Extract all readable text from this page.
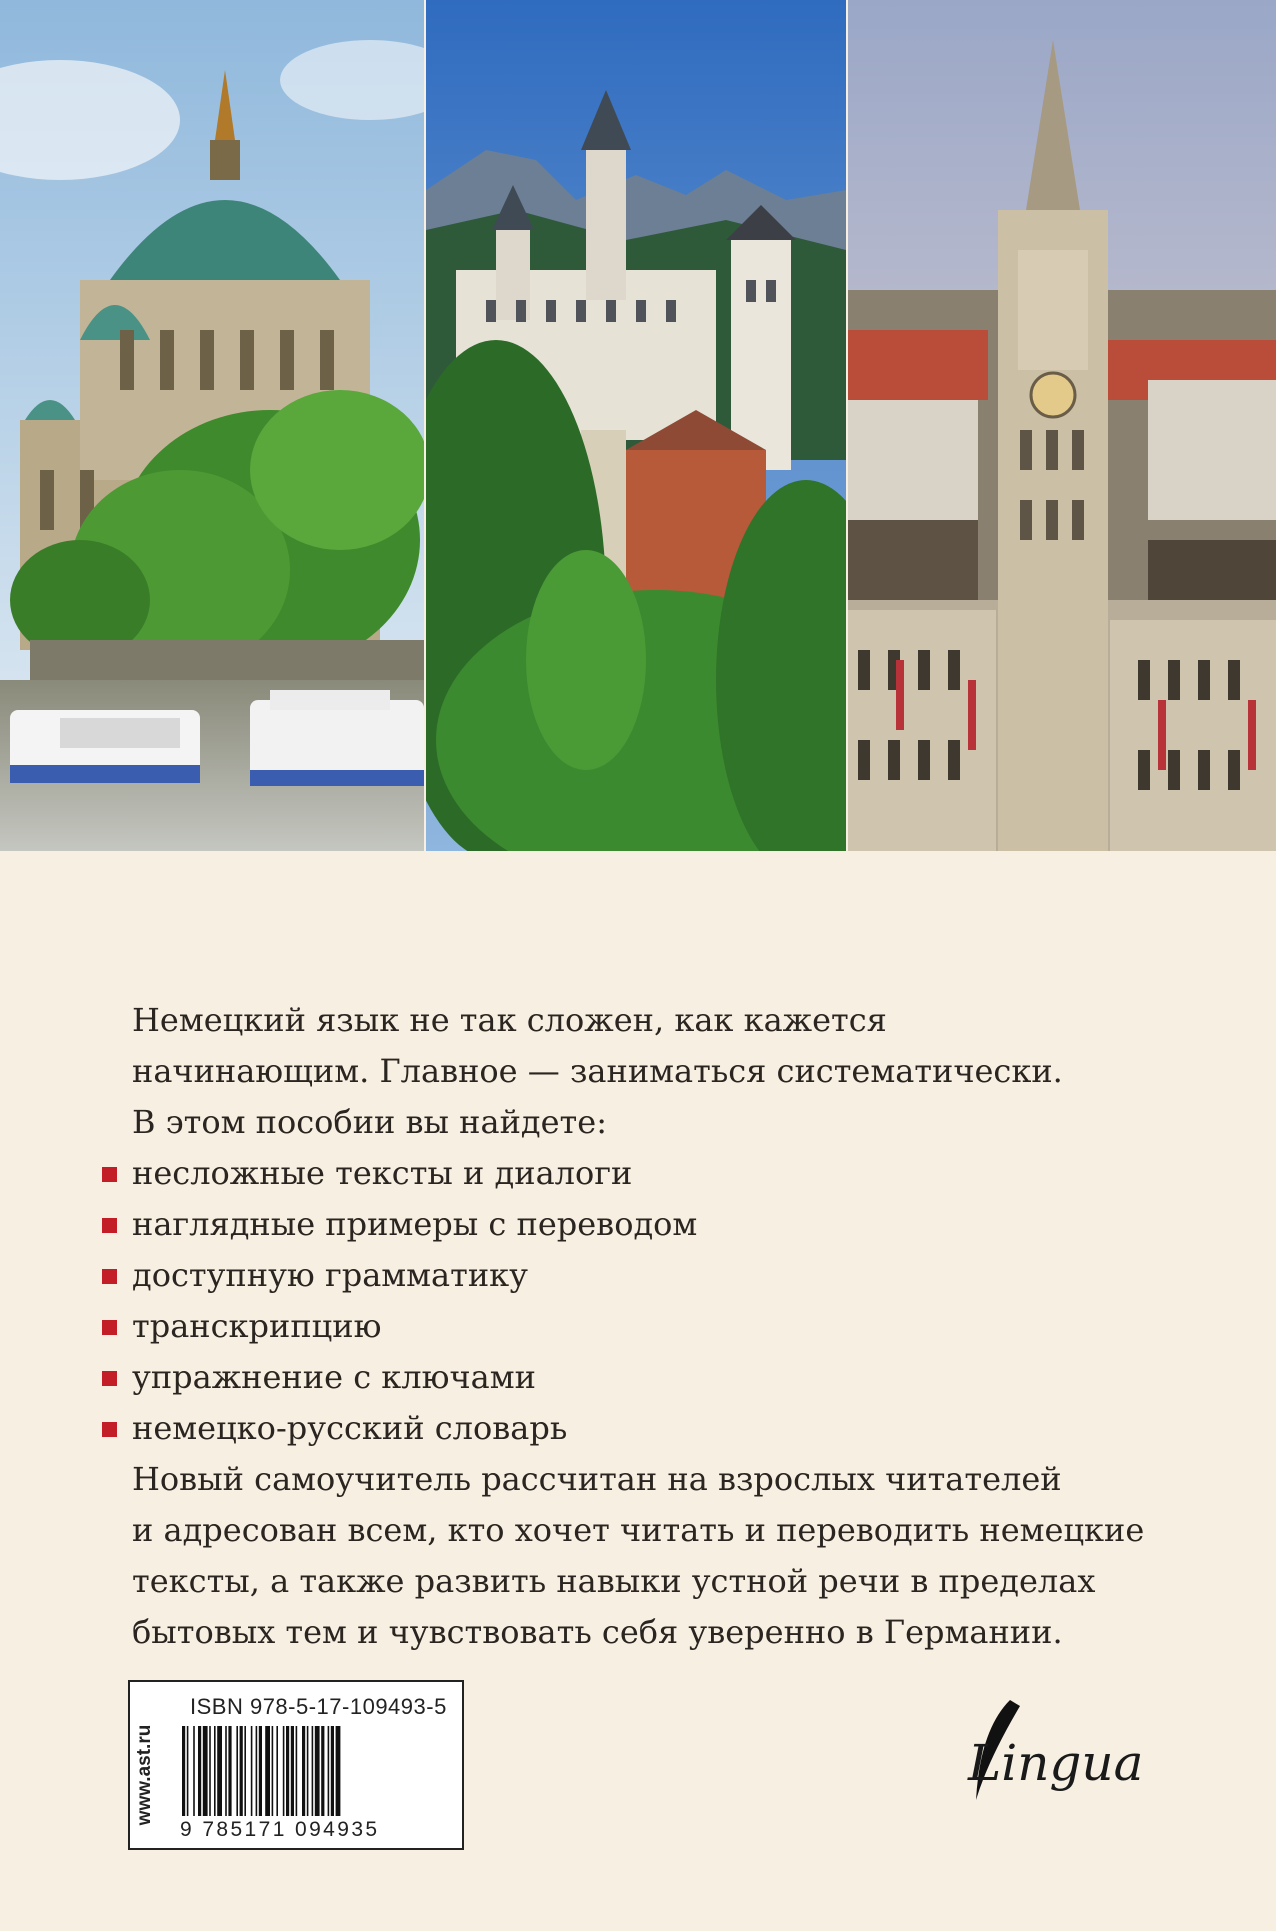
Немецкий язык не так сложен, как кажется

начинающим. Главное — заниматься систематически.

В этом пособии вы найдете:

несложные тексты и диалоги
наглядные примеры с переводом
доступную грамматику
транскрипцию
упражнение с ключами
немецко-русский словарь

Новый самоучитель рассчитан на взрослых читателей

и адресован всем, кто хочет читать и переводить немецкие

тексты, а также развить навыки устной речи в пределах

бытовых тем и чувствовать себя уверенно в Германии.

www.ast.ru
ISBN 978-5-17-109493-5
9 785171 094935
Lingua
